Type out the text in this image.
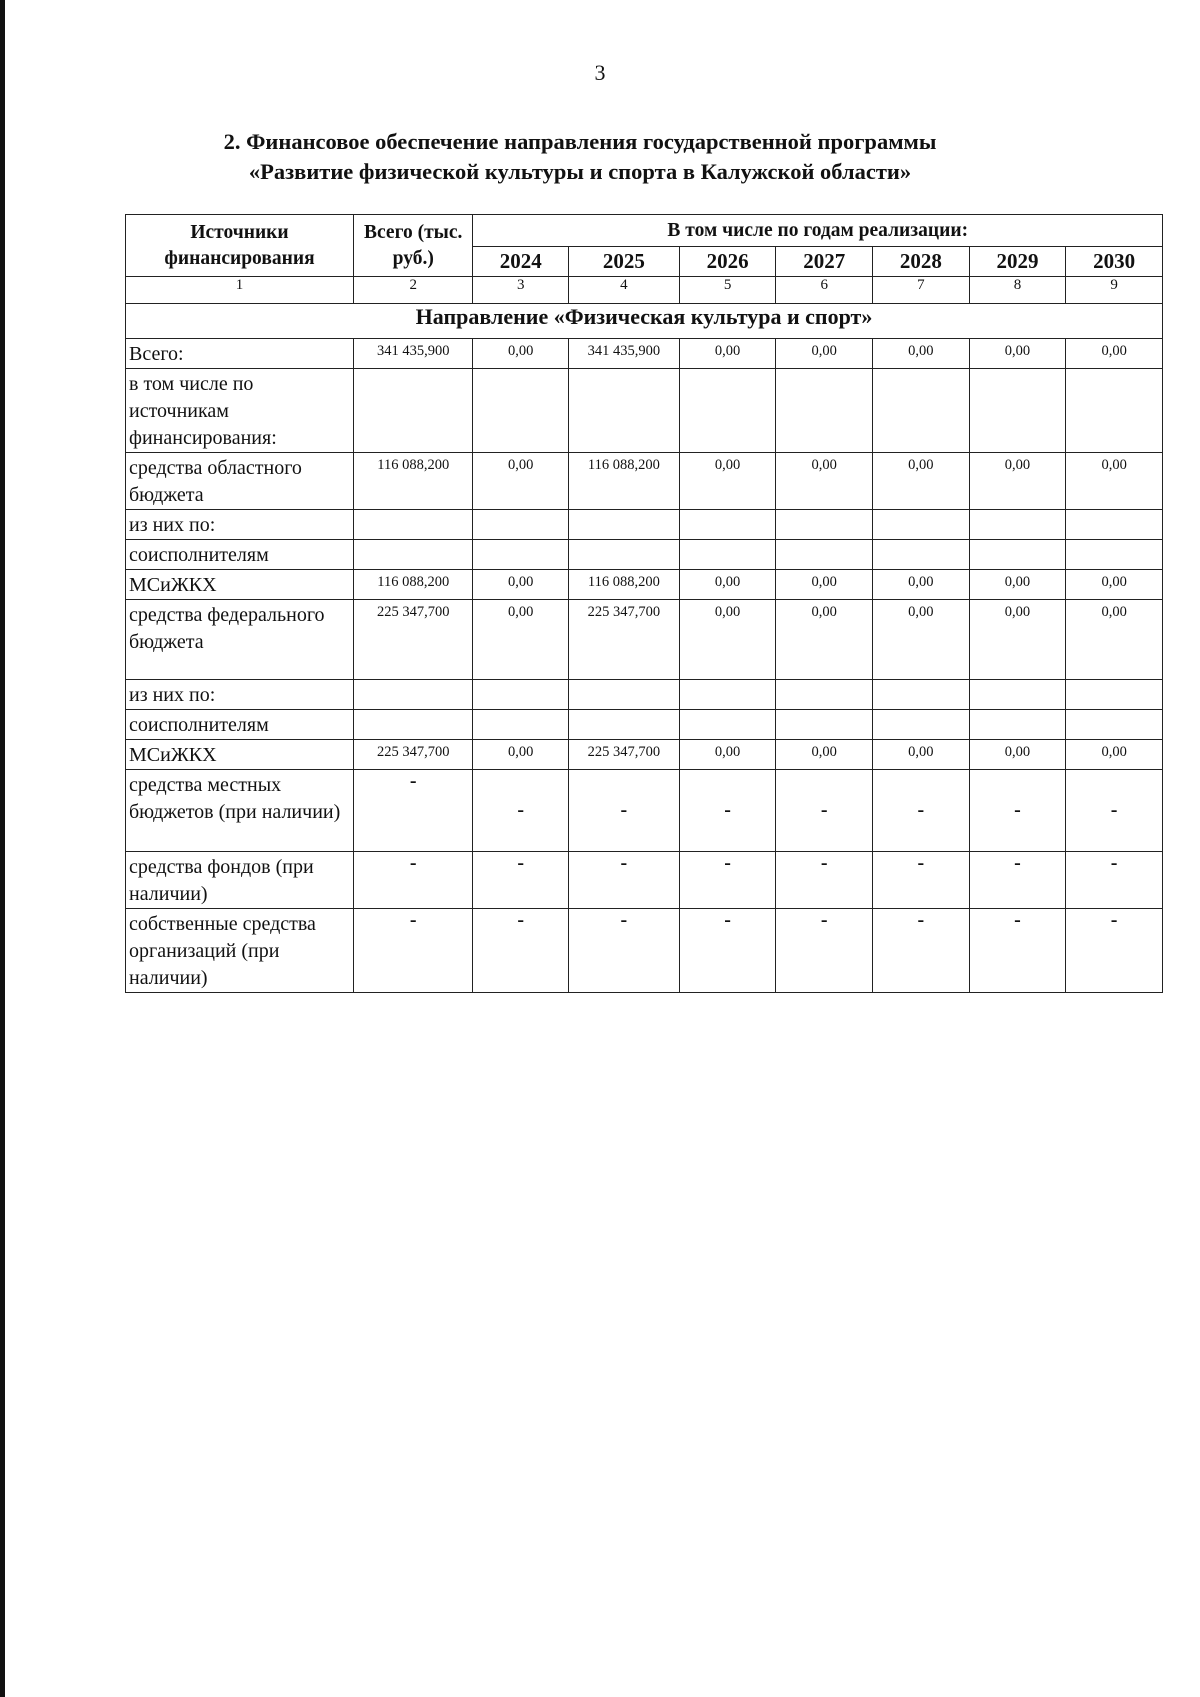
3
2. Финансовое обеспечение направления государственной программы
«Развитие физической культуры и спорта в Калужской области»
Источники финансирования	Всего (тыс. руб.)	В том числе по годам реализации:						
		2024	2025	2026	2027	2028	2029	2030
1	2	3	4	5	6	7	8	9
Направление «Физическая культура и спорт»								
Всего:	341 435,900	0,00	341 435,900	0,00	0,00	0,00	0,00	0,00
в том числе по источникам финансирования:								
средства областного бюджета	116 088,200	0,00	116 088,200	0,00	0,00	0,00	0,00	0,00
из них по:								
соисполнителям								
МСиЖКХ	116 088,200	0,00	116 088,200	0,00	0,00	0,00	0,00	0,00
средства федерального бюджета	225 347,700	0,00	225 347,700	0,00	0,00	0,00	0,00	0,00
из них по:								
соисполнителям								
МСиЖКХ	225 347,700	0,00	225 347,700	0,00	0,00	0,00	0,00	0,00
средства местных бюджетов (при наличии)	-	-	-	-	-	-	-	-
средства фондов (при наличии)	-	-	-	-	-	-	-	-
собственные средства организаций (при наличии)	-	-	-	-	-	-	-	-
